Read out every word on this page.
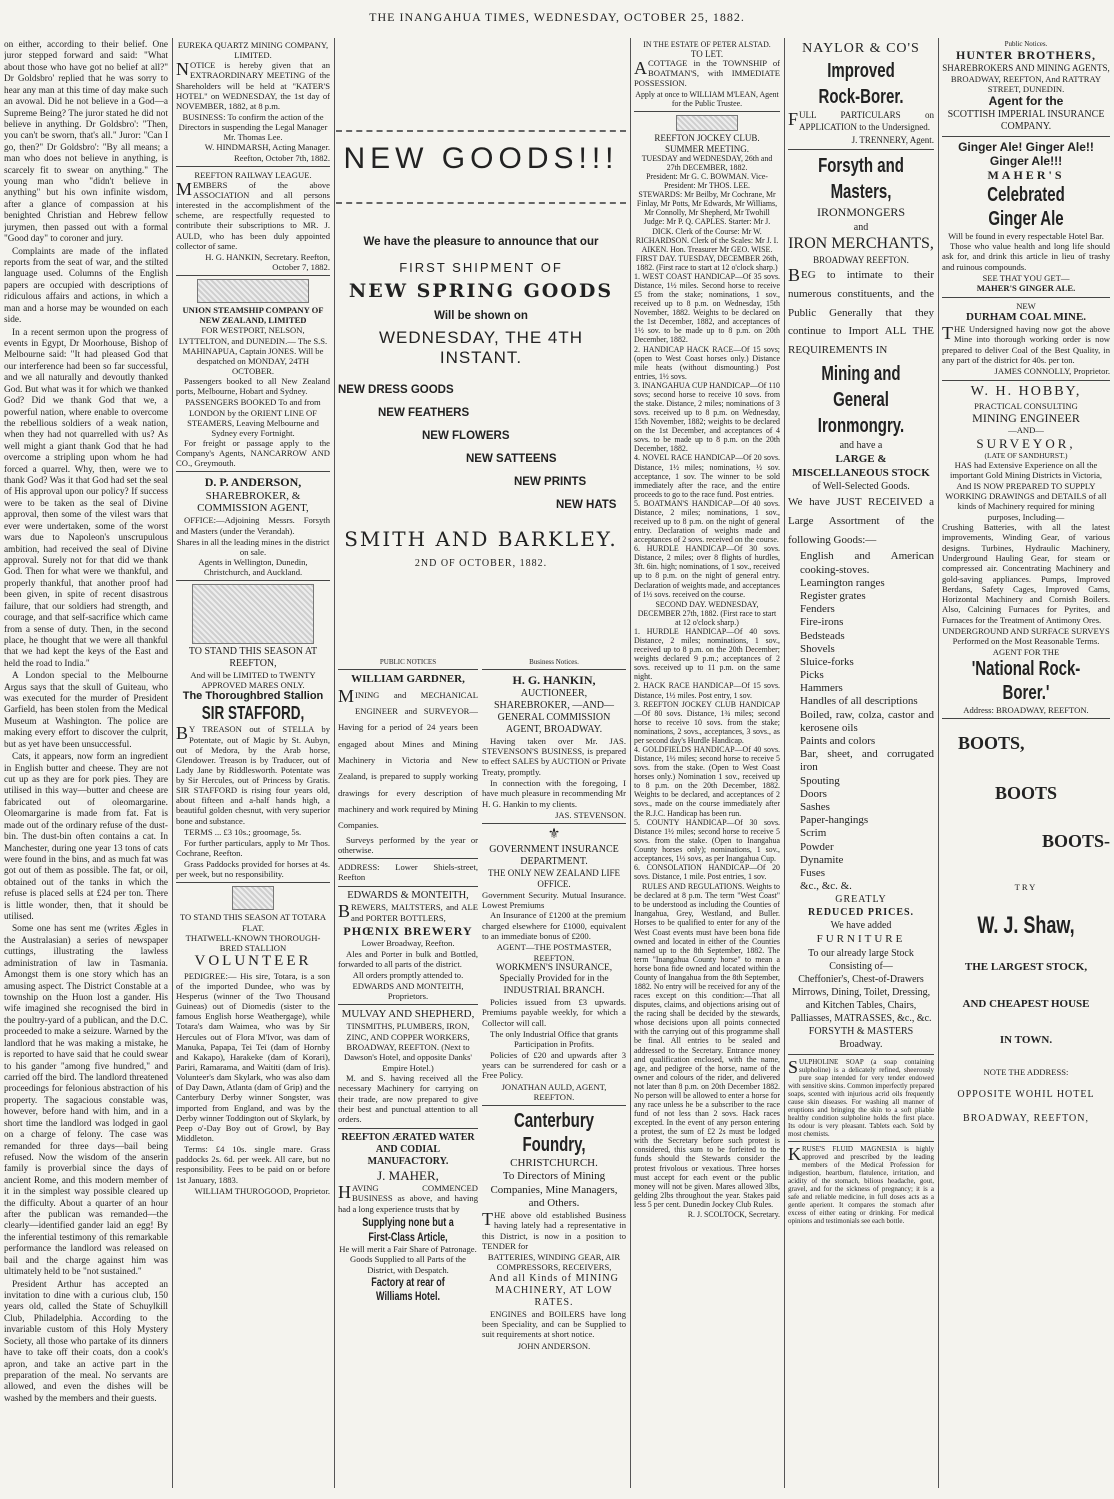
THE INANGAHUA TIMES, WEDNESDAY, OCTOBER 25, 1882.

on either, according to their belief. One juror stepped forward and said: "What about those who have got no belief at all?" Dr Goldsbro' replied that he was sorry to hear any man at this time of day make such an avowal. Did he not believe in a God—a Supreme Being? The juror stated he did not believe in anything. Dr Goldsbro': "Then, you can't be sworn, that's all." Juror: "Can I go, then?" Dr Goldsbro': "By all means; a man who does not believe in anything, is scarcely fit to swear on anything." The young man who "didn't believe in anything" but his own infinite wisdom, after a glance of compassion at his benighted Christian and Hebrew fellow jurymen, then passed out with a formal "Good day" to coroner and jury.

Complaints are made of the inflated reports from the seat of war, and the stilted language used. Columns of the English papers are occupied with descriptions of ridiculous affairs and actions, in which a man and a horse may be wounded on each side.

In a recent sermon upon the progress of events in Egypt, Dr Moorhouse, Bishop of Melbourne said: "It had pleased God that our interference had been so far successful, and we all naturally and devoutly thanked God. But what was it for which we thanked God? Did we thank God that we, a powerful nation, where enable to overcome the rebellious soldiers of a weak nation, when they had not quarrelled with us? As well might a giant thank God that he had overcome a stripling upon whom he had forced a quarrel. Why, then, were we to thank God? Was it that God had set the seal of His approval upon our policy? If success were to be taken as the seal of Divine approval, then some of the vilest wars that ever were undertaken, some of the worst wars due to Napoleon's unscrupulous ambition, had received the seal of Divine approval. Surely not for that did we thank God. Then for what were we thankful, and properly thankful, that another proof had been given, in spite of recent disastrous failure, that our soldiers had strength, and courage, and that self-sacrifice which came from a sense of duty. Then, in the second place, he thought that we were all thankful that we had kept the keys of the East and held the road to India."

A London special to the Melbourne Argus says that the skull of Guiteau, who was executed for the murder of President Garfield, has been stolen from the Medical Museum at Washington. The police are making every effort to discover the culprit, but as yet have been unsuccessful.

Cats, it appears, now form an ingredient in English butter and cheese. They are not cut up as they are for pork pies. They are utilised in this way—butter and cheese are fabricated out of oleomargarine. Oleomargarine is made from fat. Fat is made out of the ordinary refuse of the dust-bin. The dust-bin often contains a cat. In Manchester, during one year 13 tons of cats were found in the bins, and as much fat was got out of them as possible. The fat, or oil, obtained out of the tanks in which the refuse is placed sells at £24 per ton. There is little wonder, then, that it should be utilised.

Some one has sent me (writes Ægles in the Australasian) a series of newspaper cuttings, illustrating the lawless administration of law in Tasmania. Amongst them is one story which has an amusing aspect. The District Constable at a township on the Huon lost a gander. His wife imagined she recognised the bird in the poultry-yard of a publican, and the D.C. proceeded to make a seizure. Warned by the landlord that he was making a mistake, he is reported to have said that he could swear to his gander "among five hundred," and carried off the bird. The landlord threatened proceedings for felonious abstraction of his property. The sagacious constable was, however, before hand with him, and in a short time the landlord was lodged in gaol on a charge of felony. The case was remanded for three days—bail being refused. Now the wisdom of the anserin family is proverbial since the days of ancient Rome, and this modern member of it in the simplest way possible cleared up the difficulty. About a quarter of an hour after the publican was remanded—the clearly—identified gander laid an egg! By the inferential testimony of this remarkable performance the landlord was released on bail and the charge against him was ultimately held to be "not sustained."

President Arthur has accepted an invitation to dine with a curious club, 150 years old, called the State of Schuylkill Club, Philadelphia. According to the invariable custom of this Holy Mystery Society, all those who partake of its dinners have to take off their coats, don a cook's apron, and take an active part in the preparation of the meal. No servants are allowed, and even the dishes will be washed by the members and their guests.

EUREKA QUARTZ MINING COMPANY, LIMITED.

NOTICE is hereby given that an EXTRAORDINARY MEETING of the Shareholders will be held at "KATER'S HOTEL" on WEDNESDAY, the 1st day of NOVEMBER, 1882, at 8 p.m.

BUSINESS: To confirm the action of the Directors in suspending the Legal Manager Mr. Thomas Lee.
W. HINDMARSH, Acting Manager. Reefton, October 7th, 1882.
REEFTON RAILWAY LEAGUE.

MEMBERS of the above ASSOCIATION and all persons interested in the accomplishment of the scheme, are respectfully requested to contribute their subscriptions to MR. J. AULD, who has been duly appointed collector of same.

H. G. HANKIN, Secretary. Reefton, October 7, 1882.
UNION STEAMSHIP COMPANY OF NEW ZEALAND, LIMITED
FOR WESTPORT, NELSON, LYTTELTON, and DUNEDIN.— The S.S. MAHINAPUA, Captain JONES. Will be despatched on MONDAY, 24TH OCTOBER.

Passengers booked to all New Zealand ports, Melbourne, Hobart and Sydney.

PASSENGERS BOOKED To and from LONDON by the ORIENT LINE OF STEAMERS, Leaving Melbourne and Sydney every Fortnight.

For freight or passage apply to the Company's Agents, NANCARROW AND CO., Greymouth.

D. P. ANDERSON,
SHAREBROKER, & COMMISSION AGENT,

OFFICE:—Adjoining Messrs. Forsyth and Masters (under the Verandah).

Shares in all the leading mines in the district on sale.
Agents in Wellington, Dunedin, Christchurch, and Auckland.
TO STAND THIS SEASON AT REEFTON,
And will be LIMITED to TWENTY APPROVED MARES ONLY.
The Thoroughbred Stallion
SIR STAFFORD,

BY TREASON out of STELLA by Potentate, out of Magic by St. Aubyn, out of Medora, by the Arab horse, Glendower. Treason is by Traducer, out of Lady Jane by Riddlesworth. Potentate was by Sir Hercules, out of Princess by Gratis. SIR STAFFORD is rising four years old, about fifteen and a-half hands high, a beautiful golden chesnut, with very superior bone and substance.

TERMS ... £3 10s.; groomage, 5s.

For further particulars, apply to Mr Thos. Cochrane, Reefton.

Grass Paddocks provided for horses at 4s. per week, but no responsibility.

TO STAND THIS SEASON AT TOTARA FLAT.
THATWELL-KNOWN THOROUGH-BRED STALLION
VOLUNTEER

PEDIGREE:— His sire, Totara, is a son of the imported Dundee, who was by Hesperus (winner of the Two Thousand Guineas) out of Diomedis (sister to the famous English horse Weathergage), while Totara's dam Waimea, who was by Sir Hercules out of Flora M'Ivor, was dam of Manuka, Papapa, Tei Tei (dam of Hornby and Kakapo), Harakeke (dam of Korari), Pariri, Ramarama, and Waititi (dam of Iris). Volunteer's dam Skylark, who was also dam of Day Dawn, Atlanta (dam of Grip) and the Canterbury Derby winner Songster, was imported from England, and was by the Derby winner Toddington out of Skylark, by Peep o'-Day Boy out of Growl, by Bay Middleton.

Terms: £4 10s. single mare. Grass paddocks 2s. 6d. per week. All care, but no responsibility. Fees to be paid on or before 1st January, 1883.

WILLIAM THUROGOOD, Proprietor.
NEW GOODS!!!
We have the pleasure to announce that our
FIRST SHIPMENT OF
NEW SPRING GOODS
Will be shown on
WEDNESDAY, THE 4TH INSTANT.
NEW DRESS GOODS
NEW FEATHERS
NEW FLOWERS
NEW SATTEENS
NEW PRINTS
NEW HATS
SMITH AND BARKLEY.
2ND OF OCTOBER, 1882.
PUBLIC NOTICES
WILLIAM GARDNER,

MINING and MECHANICAL ENGINEER and SURVEYOR—Having for a period of 24 years been engaged about Mines and Mining Machinery in Victoria and New Zealand, is prepared to supply working drawings for every description of machinery and work required by Mining Companies.

Surveys performed by the year or otherwise.

ADDRESS: Lower Shiels-street, Reefton
EDWARDS & MONTEITH,

BREWERS, MALTSTERS, and ALE and PORTER BOTTLERS,

PHŒNIX BREWERY
Lower Broadway, Reefton.

Ales and Porter in bulk and Bottled, forwarded to all parts of the district.

All orders promptly attended to.
EDWARDS AND MONTEITH, Proprietors.
MULVAY AND SHEPHERD,
TINSMITHS, PLUMBERS, IRON, ZINC, AND COPPER WORKERS, BROADWAY, REEFTON. (Next to Dawson's Hotel, and opposite Danks' Empire Hotel.)

M. and S. having received all the necessary Machinery for carrying on their trade, are now prepared to give their best and punctual attention to all orders.

REEFTON ÆRATED WATER AND CODIAL MANUFACTORY.
J. MAHER,

HAVING COMMENCED BUSINESS as above, and having had a long experience trusts that by

Supplying none but a First-Class Article,
He will merit a Fair Share of Patronage.
Goods Supplied to all Parts of the District, with Despatch.
Factory at rear of Williams Hotel.
Business Notices.
H. G. HANKIN,
AUCTIONEER, SHAREBROKER, —AND— GENERAL COMMISSION AGENT, BROADWAY.

Having taken over Mr. JAS. STEVENSON'S BUSINESS, is prepared to effect SALES by AUCTION or Private Treaty, promptly.

In connection with the foregoing, I have much pleasure in recommending Mr H. G. Hankin to my clients.

JAS. STEVENSON.
⚜
GOVERNMENT INSURANCE DEPARTMENT.
THE ONLY NEW ZEALAND LIFE OFFICE.
Government Security. Mutual Insurance. Lowest Premiums

An Insurance of £1200 at the premium charged elsewhere for £1000, equivalent to an immediate bonus of £200.

AGENT—THE POSTMASTER, REEFTON.
WORKMEN'S INSURANCE, Specially Provided for in the INDUSTRIAL BRANCH.

Policies issued from £3 upwards. Premiums payable weekly, for which a Collector will call.

The only Industrial Office that grants Participation in Profits.

Policies of £20 and upwards after 3 years can be surrendered for cash or a Free Policy.

JONATHAN AULD, AGENT, REEFTON.
Canterbury Foundry,
CHRISTCHURCH.
To Directors of Mining Companies, Mine Managers, and Others.

THE above old established Business having lately had a representative in this District, is now in a position to TENDER for

BATTERIES, WINDING GEAR, AIR COMPRESSORS, RECEIVERS,
And all Kinds of MINING MACHINERY, AT LOW RATES.

ENGINES and BOILERS have long been Speciality, and can be Supplied to suit requirements at short notice.

JOHN ANDERSON.
IN THE ESTATE OF PETER ALSTAD.
TO LET.

ACOTTAGE in the TOWNSHIP of BOATMAN'S, with IMMEDIATE POSSESSION.

Apply at once to WILLIAM M'LEAN, Agent for the Public Trustee.
REEFTON JOCKEY CLUB. SUMMER MEETING.
TUESDAY and WEDNESDAY, 26th and 27th DECEMBER, 1882.
President: Mr G. C. BOWMAN. Vice-President: Mr THOS. LEE.
STEWARDS: Mr Beilby, Mr Cochrane, Mr Finlay, Mr Potts, Mr Edwards, Mr Williams, Mr Connolly, Mr Shepherd, Mr Twohill
Judge: Mr P. Q. CAPLES. Starter: Mr J. DICK. Clerk of the Course: Mr W. RICHARDSON. Clerk of the Scales: Mr J. I. AIKEN. Hon. Treasurer Mr GEO. WISE.
FIRST DAY. TUESDAY, DECEMBER 26th, 1882. (First race to start at 12 o'clock sharp.)

1. WEST COAST HANDICAP—Of 35 sovs. Distance, 1½ miles. Second horse to receive £5 from the stake; nominations, 1 sov., received up to 8 p.m. on Wednesday, 15th November, 1882. Weights to be declared on the 1st December, 1882, and acceptances of 1½ sov. to be made up to 8 p.m. on 20th December, 1882.
2. HANDICAP HACK RACE—Of 15 sovs; (open to West Coast horses only.) Distance mile heats (without dismounting.) Post entries, 1½ sovs.
3. INANGAHUA CUP HANDICAP—Of 110 sovs; second horse to receive 10 sovs. from the stake. Distance, 2 miles; nominations of 3 sovs. received up to 8 p.m. on Wednesday, 15th November, 1882; weights to be declared on the 1st December, and acceptances of 4 sovs. to be made up to 8 p.m. on the 20th December, 1882.
4. NOVEL RACE HANDICAP—Of 20 sovs. Distance, 1½ miles; nominations, ½ sov. acceptance, 1 sov. The winner to be sold immediately after the race, and the entire proceeds to go to the race fund. Post entries.
5. BOATMAN'S HANDICAP—Of 40 sovs. Distance, 2 miles; nominations, 1 sov., received up to 8 p.m. on the night of general entry. Declaration of weights made and acceptances of 2 sovs. received on the course.
6. HURDLE HANDICAP—Of 30 sovs. Distance, 2 miles; over 8 flights of hurdles, 3ft. 6in. high; nominations, of 1 sov., received up to 8 p.m. on the night of general entry. Declaration of weights made, and acceptances of 1½ sovs. received on the course.

SECOND DAY. WEDNESDAY, DECEMBER 27th, 1882. (First race to start at 12 o'clock sharp.)

1. HURDLE HANDICAP—Of 40 sovs. Distance, 2 miles; nominations, 1 sov., received up to 8 p.m. on the 20th December; weights declared 9 p.m.; acceptances of 2 sovs. received up to 11 p.m. on the same night.
2. HACK RACE HANDICAP—Of 15 sovs. Distance, 1½ miles. Post entry, 1 sov.
3. REEFTON JOCKEY CLUB HANDICAP—Of 80 sovs. Distance, 1¾ miles; second horse to receive 10 sovs. from the stake; nominations, 2 sovs., acceptances, 3 sovs., as per second day's Hurdle Handicap.
4. GOLDFIELDS HANDICAP—Of 40 sovs. Distance, 1½ miles; second horse to receive 5 sovs. from the stake. (Open to West Coast horses only.) Nomination 1 sov., received up to 8 p.m. on the 20th December, 1882. Weights to be declared, and acceptances of 2 sovs., made on the course immediately after the R.J.C. Handicap has been run.
5. COUNTY HANDICAP—Of 30 sovs. Distance 1½ miles; second horse to receive 5 sovs. from the stake. (Open to Inangahua County horses only); nominations, 1 sov., acceptances, 1½ sovs, as per Inangahua Cup.
6. CONSOLATION HANDICAP—Of 20 sovs. Distance, 1 mile. Post entries, 1 sov.

RULES AND REGULATIONS. Weights to be declared at 8 p.m. The term "West Coast" to be understood as including the Counties of Inangahua, Grey, Westland, and Buller. Horses to be qualified to enter for any of the West Coast events must have been bona fide owned and located in either of the Counties named up to the 8th September, 1882. The term "Inangahua County horse" to mean a horse bona fide owned and located within the County of Inangahua from the 8th September, 1882. No entry will be received for any of the races except on this condition:—That all disputes, claims, and objections arising out of the racing shall be decided by the stewards, whose decisions upon all points connected with the carrying out of this programme shall be final. All entries to be sealed and addressed to the Secretary. Entrance money and qualification enclosed, with the name, age, and pedigree of the horse, name of the owner and colours of the rider, and delivered not later than 8 p.m. on 20th December 1882. No person will be allowed to enter a horse for any race unless he be a subscriber to the race fund of not less than 2 sovs. Hack races excepted. In the event of any person entering a protest, the sum of £2 2s must be lodged with the Secretary before such protest is considered, this sum to be forfeited to the funds should the Stewards consider the protest frivolous or vexatious. Three horses must accept for each event or the public money will not be given. Mares allowed 3lbs, gelding 2lbs throughout the year. Stakes paid less 5 per cent. Dunedin Jockey Club Rules.

R. J. SCOLTOCK, Secretary.
NAYLOR & CO'S
Improved Rock-Borer.

FULL PARTICULARS on APPLICATION to the Undersigned.

J. TRENNERY, Agent.
Forsyth and Masters,
IRONMONGERS
and
IRON MERCHANTS,
BROADWAY REEFTON.

BEG to intimate to their numerous constituents, and the Public Generally that they continue to Import ALL THE REQUIREMENTS IN

Mining and General
Ironmongry.
and have a
LARGE & MISCELLANEOUS STOCK
of Well-Selected Goods.

We have JUST RECEIVED a Large Assortment of the following Goods:—

English and American cooking-stoves.
Leamington ranges
Register grates
Fenders
Fire-irons
Bedsteads
Shovels
Sluice-forks
Picks
Hammers
Handles of all descriptions
Boiled, raw, colza, castor and kerosene oils
Paints and colors
Bar, sheet, and corrugated iron
Spouting
Doors
Sashes
Paper-hangings
Scrim
Powder
Dynamite
Fuses
&c., &c. &.
GREATLY
REDUCED PRICES.
We have added
FURNITURE
To our already large Stock Consisting of—
Cheffonier's, Chest-of-Drawers Mirrows, Dining, Toilet, Dressing, and Kitchen Tables, Chairs, Palliasses, MATRASSES, &c., &c.
FORSYTH & MASTERS
Broadway.

SULPHOLINE SOAP (a soap containing sulpholine) is a delicately refined, sheerously pure soap intended for very tender endowed with sensitive skins. Common imperfectly prepared soaps, scented with injurious acrid oils frequently cause skin diseases. For washing all manner of eruptions and bringing the skin to a soft pliable healthy condition sulpholine holds the first place. Its odour is very pleasant. Tablets each. Sold by most chemists.

KRUSE'S FLUID MAGNESIA is highly approved and prescribed by the leading members of the Medical Profession for indigestion, heartburn, flatulence, irritation, and acidity of the stomach, bilious headache, gout, gravel, and for the sickness of pregnancy; it is a safe and reliable medicine, in full doses acts as a gentle aperient. It compares the stomach after excess of either eating or drinking. For medical opinions and testimonials see each bottle.

Public Notices.
HUNTER BROTHERS,
SHAREBROKERS AND MINING AGENTS,
BROADWAY, REEFTON, And RATTRAY STREET, DUNEDIN.
Agent for the
SCOTTISH IMPERIAL INSURANCE COMPANY.
Ginger Ale! Ginger Ale!! Ginger Ale!!!
MAHER'S
Celebrated Ginger Ale
Will be found in every respectable Hotel Bar.

Those who value health and long life should ask for, and drink this article in lieu of trashy and ruinous compounds.

SEE THAT YOU GET—
MAHER'S GINGER ALE.
NEW
DURHAM COAL MINE.

THE Undersigned having now got the above Mine into thorough working order is now prepared to deliver Coal of the Best Quality, in any part of the district for 40s. per ton.

JAMES CONNOLLY, Proprietor.
W. H. HOBBY,
PRACTICAL CONSULTING
MINING ENGINEER
—AND—
SURVEYOR,
(LATE OF SANDHURST.)
HAS had Extensive Experience on all the important Gold Mining Districts in Victoria, And IS NOW PREPARED TO SUPPLY WORKING DRAWINGS and DETAILS of all kinds of Machinery required for mining purposes, Including—

Crushing Batteries, with all the latest improvements, Winding Gear, of various designs. Turbines, Hydraulic Machinery, Underground Hauling Gear, for steam or compressed air. Concentrating Machinery and gold-saving appliances. Pumps, Improved Berdans, Safety Cages, Improved Cams, Horizontal Machinery and Cornish Boilers. Also, Calcining Furnaces for Pyrites, and Furnaces for the Treatment of Antimony Ores.

UNDERGROUND AND SURFACE SURVEYS Performed on the Most Reasonable Terms.
AGENT FOR THE
'National Rock-Borer.'
Address: BROADWAY, REEFTON.
BOOTS,
BOOTS
BOOTS-
TRY
W. J. Shaw,
THE LARGEST STOCK,
AND CHEAPEST HOUSE
IN TOWN.
NOTE THE ADDRESS:
OPPOSITE WOHIL HOTEL
BROADWAY, REEFTON,
